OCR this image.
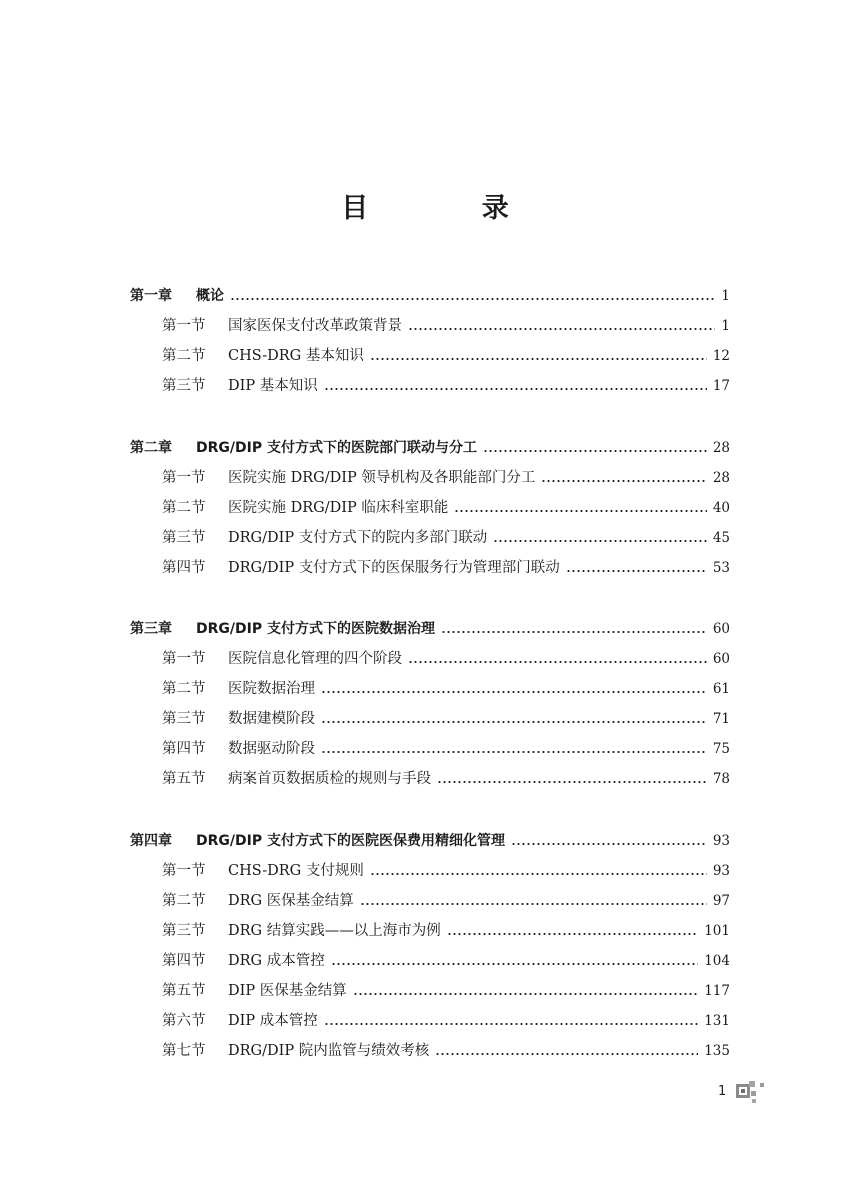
目 录
第一章	概论	1
第一节	国家医保支付改革政策背景	1
第二节	CHS-DRG 基本知识	12
第三节	DIP 基本知识	17
第二章	DRG/DIP 支付方式下的医院部门联动与分工	28
第一节	医院实施 DRG/DIP 领导机构及各职能部门分工	28
第二节	医院实施 DRG/DIP 临床科室职能	40
第三节	DRG/DIP 支付方式下的院内多部门联动	45
第四节	DRG/DIP 支付方式下的医保服务行为管理部门联动	53
第三章	DRG/DIP 支付方式下的医院数据治理	60
第一节	医院信息化管理的四个阶段	60
第二节	医院数据治理	61
第三节	数据建模阶段	71
第四节	数据驱动阶段	75
第五节	病案首页数据质检的规则与手段	78
第四章	DRG/DIP 支付方式下的医院医保费用精细化管理	93
第一节	CHS-DRG 支付规则	93
第二节	DRG 医保基金结算	97
第三节	DRG 结算实践——以上海市为例	101
第四节	DRG 成本管控	104
第五节	DIP 医保基金结算	117
第六节	DIP 成本管控	131
第七节	DRG/DIP 院内监管与绩效考核	135
1
